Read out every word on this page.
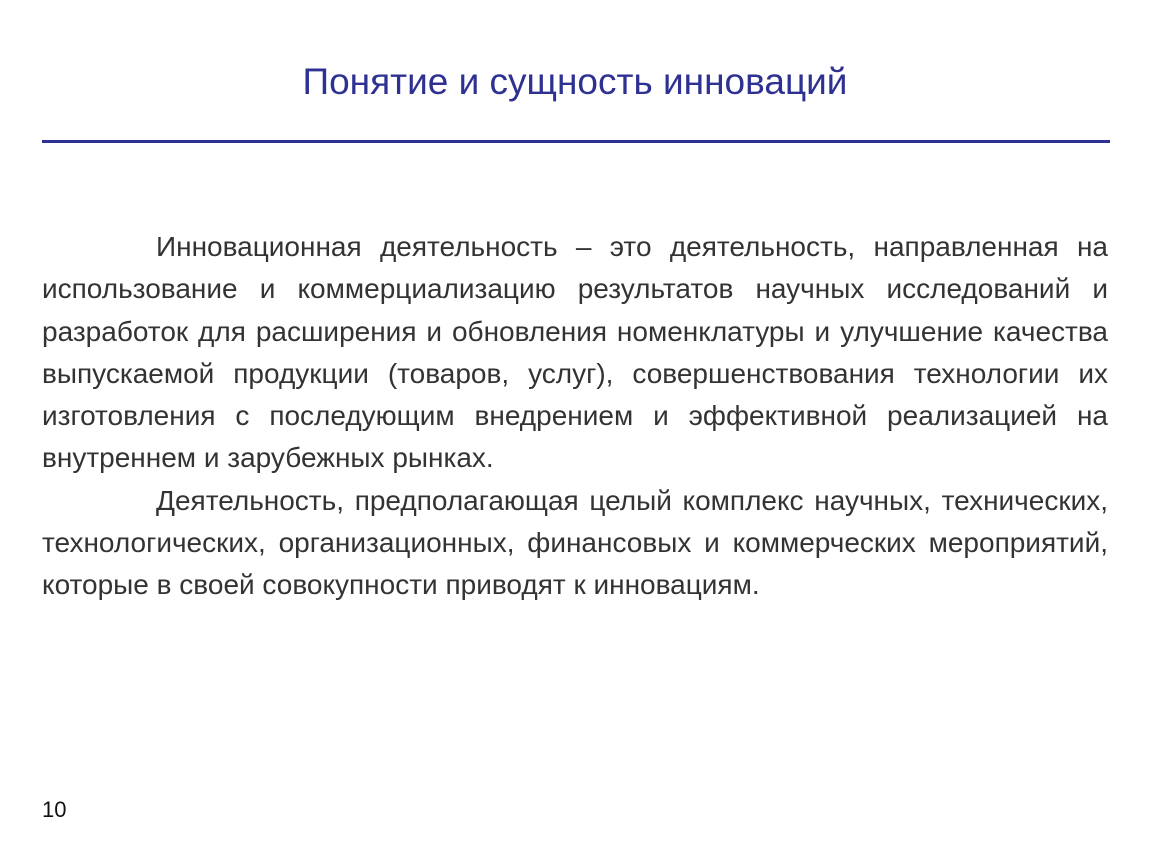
Понятие и сущность инноваций

Инновационная деятельность – это деятельность, направленная на использование и коммерциализацию результатов научных исследований и разработок для расширения и обновления номенклатуры и улучшение качества выпускаемой продукции (товаров, услуг), совершенствования технологии их изготовления с последующим внедрением и эффективной реализацией на внутреннем и зарубежных рынках.

Деятельность, предполагающая целый комплекс научных, технических, технологических, организационных, финансовых и коммерческих мероприятий, которые в своей совокупности приводят к инновациям.

10
